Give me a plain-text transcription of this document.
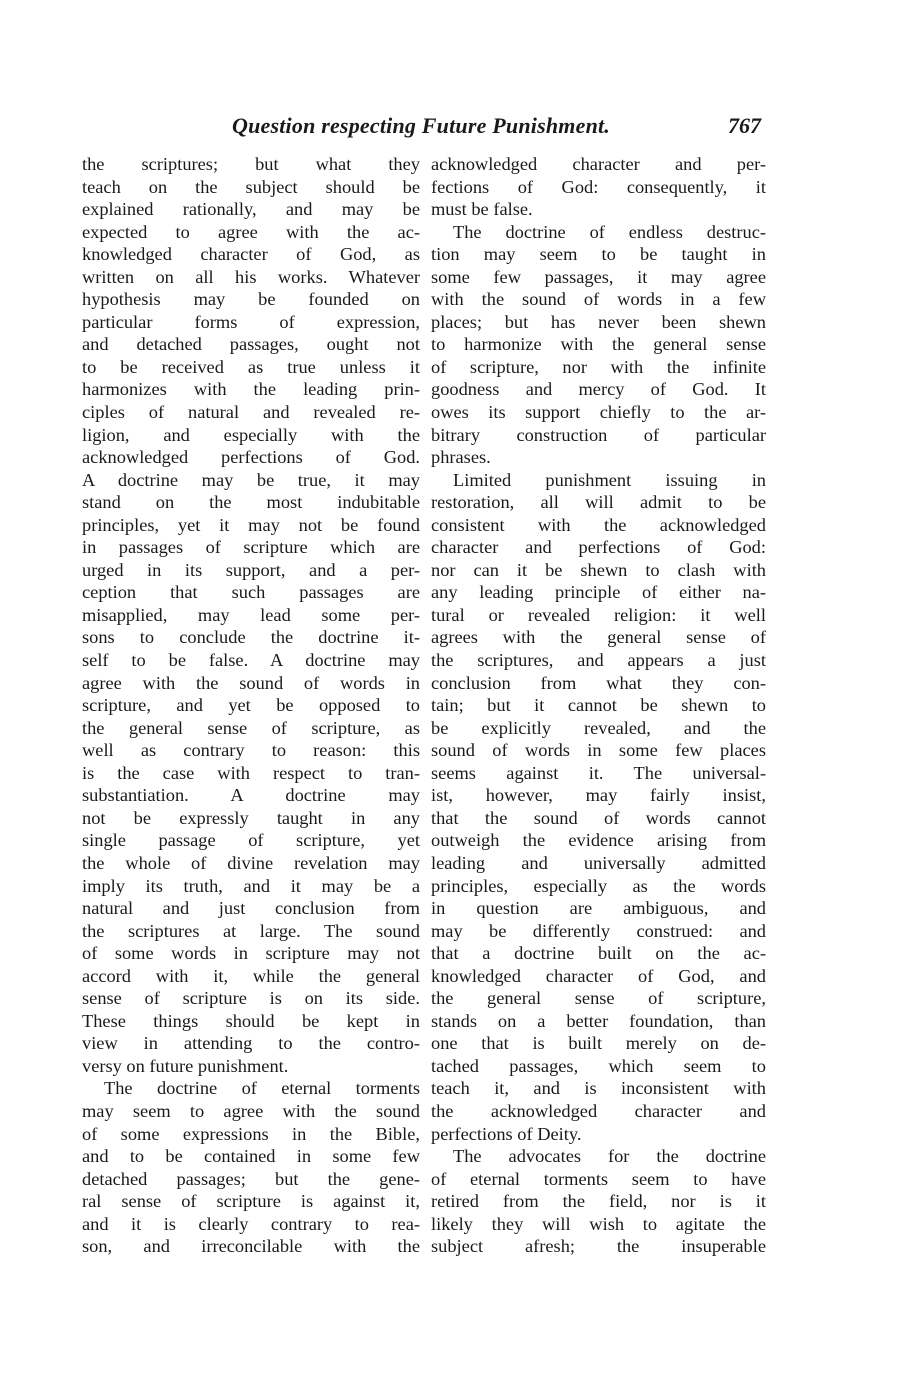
Question respecting Future Punishment.	767
the scriptures; but what they
teach on the subject should be
explained rationally, and may be
expected to agree with the ac-
knowledged character of God, as
written on all his works. Whatever
hypothesis may be founded on
particular forms of expression,
and detached passages, ought not
to be received as true unless it
harmonizes with the leading prin-
ciples of natural and revealed re-
ligion, and especially with the
acknowledged perfections of God.
A doctrine may be true, it may
stand on the most indubitable
principles, yet it may not be found
in passages of scripture which are
urged in its support, and a per-
ception that such passages are
misapplied, may lead some per-
sons to conclude the doctrine it-
self to be false. A doctrine may
agree with the sound of words in
scripture, and yet be opposed to
the general sense of scripture, as
well as contrary to reason: this
is the case with respect to tran-
substantiation. A doctrine may
not be expressly taught in any
single passage of scripture, yet
the whole of divine revelation may
imply its truth, and it may be a
natural and just conclusion from
the scriptures at large. The sound
of some words in scripture may not
accord with it, while the general
sense of scripture is on its side.
These things should be kept in
view in attending to the contro-
versy on future punishment.
The doctrine of eternal torments
may seem to agree with the sound
of some expressions in the Bible,
and to be contained in some few
detached passages; but the gene-
ral sense of scripture is against it,
and it is clearly contrary to rea-
son, and irreconcilable with the
acknowledged character and per-
fections of God: consequently, it
must be false.
The doctrine of endless destruc-
tion may seem to be taught in
some few passages, it may agree
with the sound of words in a few
places; but has never been shewn
to harmonize with the general sense
of scripture, nor with the infinite
goodness and mercy of God. It
owes its support chiefly to the ar-
bitrary construction of particular
phrases.
Limited punishment issuing in
restoration, all will admit to be
consistent with the acknowledged
character and perfections of God:
nor can it be shewn to clash with
any leading principle of either na-
tural or revealed religion: it well
agrees with the general sense of
the scriptures, and appears a just
conclusion from what they con-
tain; but it cannot be shewn to
be explicitly revealed, and the
sound of words in some few places
seems against it. The universal-
ist, however, may fairly insist,
that the sound of words cannot
outweigh the evidence arising from
leading and universally admitted
principles, especially as the words
in question are ambiguous, and
may be differently construed: and
that a doctrine built on the ac-
knowledged character of God, and
the general sense of scripture,
stands on a better foundation, than
one that is built merely on de-
tached passages, which seem to
teach it, and is inconsistent with
the acknowledged character and
perfections of Deity.
The advocates for the doctrine
of eternal torments seem to have
retired from the field, nor is it
likely they will wish to agitate the
subject afresh; the insuperable
